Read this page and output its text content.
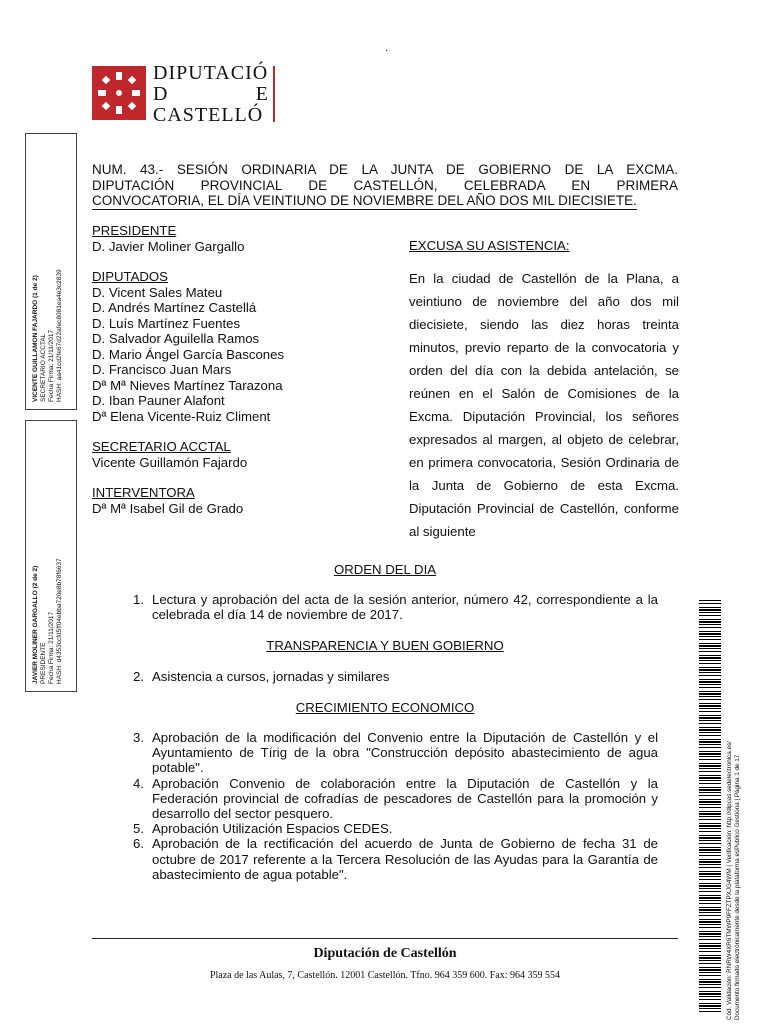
.
DIPUTACIÓ
D	E
CASTELLÓ
VICENTE GUILLAMON FAJARDO (1 de 2)
SECRETARIO ACCTAL
Fecha Firma: 21/11/2017
HASH: aa41cd2fe67d22afec8081ea4e3c2839
JAVIER MOLINER GARGALLO (2 de 2)
PRESIDENTE
Fecha Firma: 21/11/2017
HASH: d4353ccfd5ff04ebba720e8b78f6637
NUM. 43.- SESIÓN ORDINARIA DE LA JUNTA DE GOBIERNO DE LA EXCMA.
DIPUTACIÓN PROVINCIAL DE CASTELLÓN, CELEBRADA EN PRIMERA
CONVOCATORIA, EL DÍA VEINTIUNO DE NOVIEMBRE DEL AÑO DOS MIL DIECISIETE.
PRESIDENTE
D. Javier Moliner Gargallo
DIPUTADOS
D. Vicent Sales Mateu
D. Andrés Martínez Castellá
D. Luís Martínez Fuentes
D. Salvador Aguilella Ramos
D. Mario Ángel García Bascones
D. Francisco Juan Mars
Dª Mª Nieves Martínez Tarazona
D. Iban Pauner Alafont
Dª Elena Vicente-Ruiz Climent
SECRETARIO ACCTAL
Vicente Guillamón Fajardo
INTERVENTORA
Dª Mª Isabel Gil de Grado
EXCUSA SU ASISTENCIA:
En la ciudad de Castellón de la Plana, a veintiuno de noviembre del año dos mil diecisiete, siendo las diez horas treinta minutos, previo reparto de la convocatoria y orden del día con la debida antelación, se reúnen en el Salón de Comisiones de la Excma. Diputación Provincial, los señores expresados al margen, al objeto de celebrar, en primera convocatoria, Sesión Ordinaria de la Junta de Gobierno de esta Excma. Diputación Provincial de Castellón, conforme al siguiente
ORDEN DEL DIA
1. Lectura y aprobación del acta de la sesión anterior, número 42, correspondiente a la celebrada el día 14 de noviembre de 2017.
TRANSPARENCIA Y BUEN GOBIERNO
2. Asistencia a cursos, jornadas y similares
CRECIMIENTO ECONOMICO
3. Aprobación de la modificación del Convenio entre la Diputación de Castellón y el Ayuntamiento de Tírig de la obra "Construcción depósito abastecimiento de agua potable".
4. Aprobación Convenio de colaboración entre la Diputación de Castellón y la Federación provincial de cofradías de pescadores de Castellón para la promoción y desarrollo del sector pesquero.
5. Aprobación Utilización Espacios CEDES.
6. Aprobación de la rectificación del acuerdo de Junta de Gobierno de fecha 31 de octubre de 2017 referente a la Tercera Resolución de las Ayudas para la Garantía de abastecimiento de agua potable".
Diputación de Castellón
Plaza de las Aulas, 7, Castellón. 12001 Castellón. Tfno. 964 359 600. Fax: 964 359 554	Cód. Validación: RNRW4XR6TMWP9FFZTPXJG4WM | Verificación: http://dipcas.sedelectronica.es/
Documento firmado electrónicamente desde la plataforma esPublico Gestiona | Página 1 de 17
